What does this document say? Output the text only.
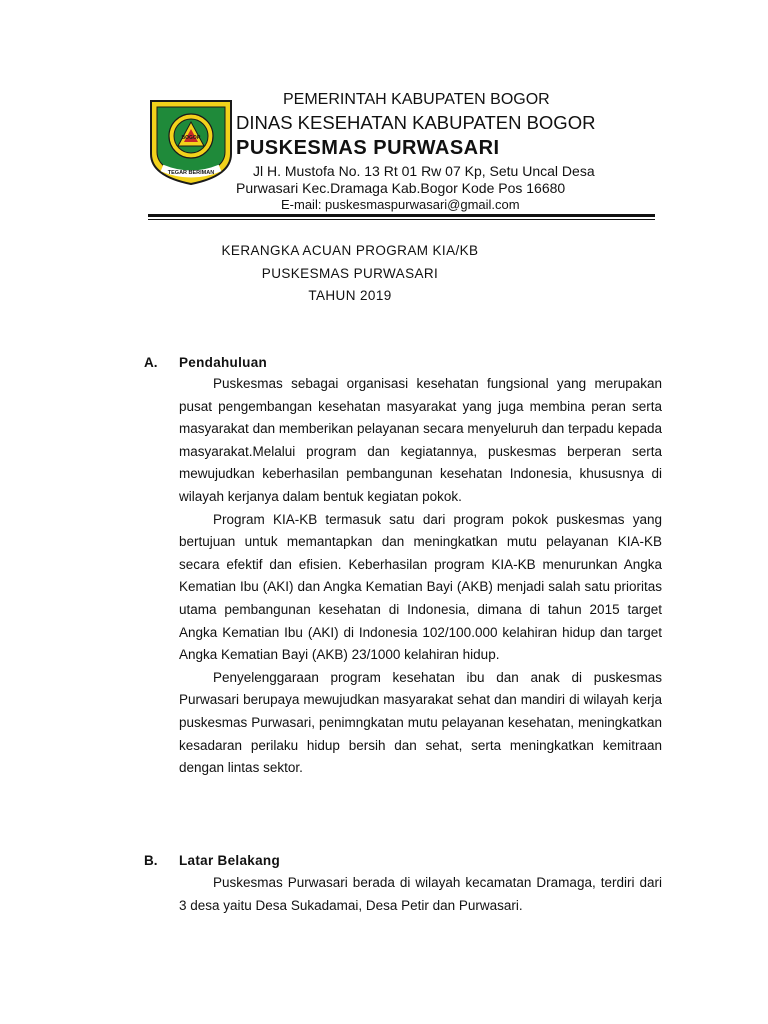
BOGOR
TEGAR BERIMAN
PEMERINTAH KABUPATEN BOGOR
DINAS KESEHATAN KABUPATEN BOGOR
PUSKESMAS PURWASARI
Jl H. Mustofa No. 13 Rt 01 Rw 07 Kp, Setu Uncal Desa
Purwasari Kec.Dramaga Kab.Bogor Kode Pos 16680
E-mail: puskesmaspurwasari@gmail.com
KERANGKA ACUAN PROGRAM KIA/KB
PUSKESMAS PURWASARI
TAHUN 2019
A. Pendahuluan

Puskesmas sebagai organisasi kesehatan fungsional yang merupakan pusat pengembangan kesehatan masyarakat yang juga membina peran serta masyarakat dan memberikan pelayanan secara menyeluruh dan terpadu kepada masyarakat.Melalui program dan kegiatannya, puskesmas berperan serta mewujudkan keberhasilan pembangunan kesehatan Indonesia, khususnya di wilayah kerjanya dalam bentuk kegiatan pokok.

Program KIA-KB termasuk satu dari program pokok puskesmas yang bertujuan untuk memantapkan dan meningkatkan mutu pelayanan KIA-KB secara efektif dan efisien. Keberhasilan program KIA-KB menurunkan Angka Kematian Ibu (AKI) dan Angka Kematian Bayi (AKB) menjadi salah satu prioritas utama pembangunan kesehatan di Indonesia, dimana di tahun 2015 target Angka Kematian Ibu (AKI) di Indonesia 102/100.000 kelahiran hidup dan target Angka Kematian Bayi (AKB) 23/1000 kelahiran hidup.

Penyelenggaraan program kesehatan ibu dan anak di puskesmas Purwasari berupaya mewujudkan masyarakat sehat dan mandiri di wilayah kerja puskesmas Purwasari, penimngkatan mutu pelayanan kesehatan, meningkatkan kesadaran perilaku hidup bersih dan sehat, serta meningkatkan kemitraan dengan lintas sektor.

B. Latar Belakang

Puskesmas Purwasari berada di wilayah kecamatan Dramaga, terdiri dari 3 desa yaitu Desa Sukadamai, Desa Petir dan Purwasari.
